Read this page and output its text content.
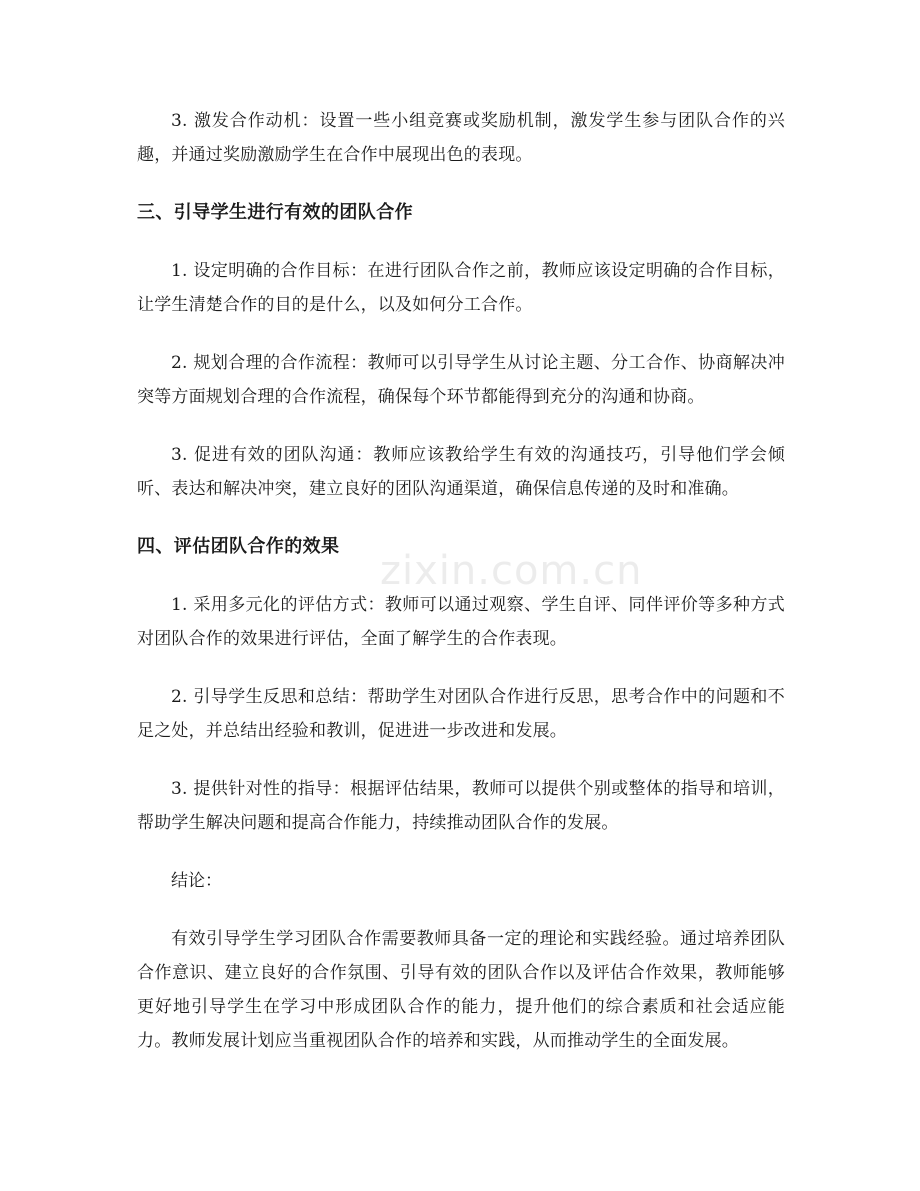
3. 激发合作动机：设置一些小组竞赛或奖励机制，激发学生参与团队合作的兴趣，并通过奖励激励学生在合作中展现出色的表现。

三、引导学生进行有效的团队合作

1. 设定明确的合作目标：在进行团队合作之前，教师应该设定明确的合作目标，让学生清楚合作的目的是什么，以及如何分工合作。

2. 规划合理的合作流程：教师可以引导学生从讨论主题、分工合作、协商解决冲突等方面规划合理的合作流程，确保每个环节都能得到充分的沟通和协商。

3. 促进有效的团队沟通：教师应该教给学生有效的沟通技巧，引导他们学会倾听、表达和解决冲突，建立良好的团队沟通渠道，确保信息传递的及时和准确。

四、评估团队合作的效果

1. 采用多元化的评估方式：教师可以通过观察、学生自评、同伴评价等多种方式对团队合作的效果进行评估，全面了解学生的合作表现。

2. 引导学生反思和总结：帮助学生对团队合作进行反思，思考合作中的问题和不足之处，并总结出经验和教训，促进进一步改进和发展。

3. 提供针对性的指导：根据评估结果，教师可以提供个别或整体的指导和培训，帮助学生解决问题和提高合作能力，持续推动团队合作的发展。

结论：

有效引导学生学习团队合作需要教师具备一定的理论和实践经验。通过培养团队合作意识、建立良好的合作氛围、引导有效的团队合作以及评估合作效果，教师能够更好地引导学生在学习中形成团队合作的能力，提升他们的综合素质和社会适应能力。教师发展计划应当重视团队合作的培养和实践，从而推动学生的全面发展。

zixin.com.cn
